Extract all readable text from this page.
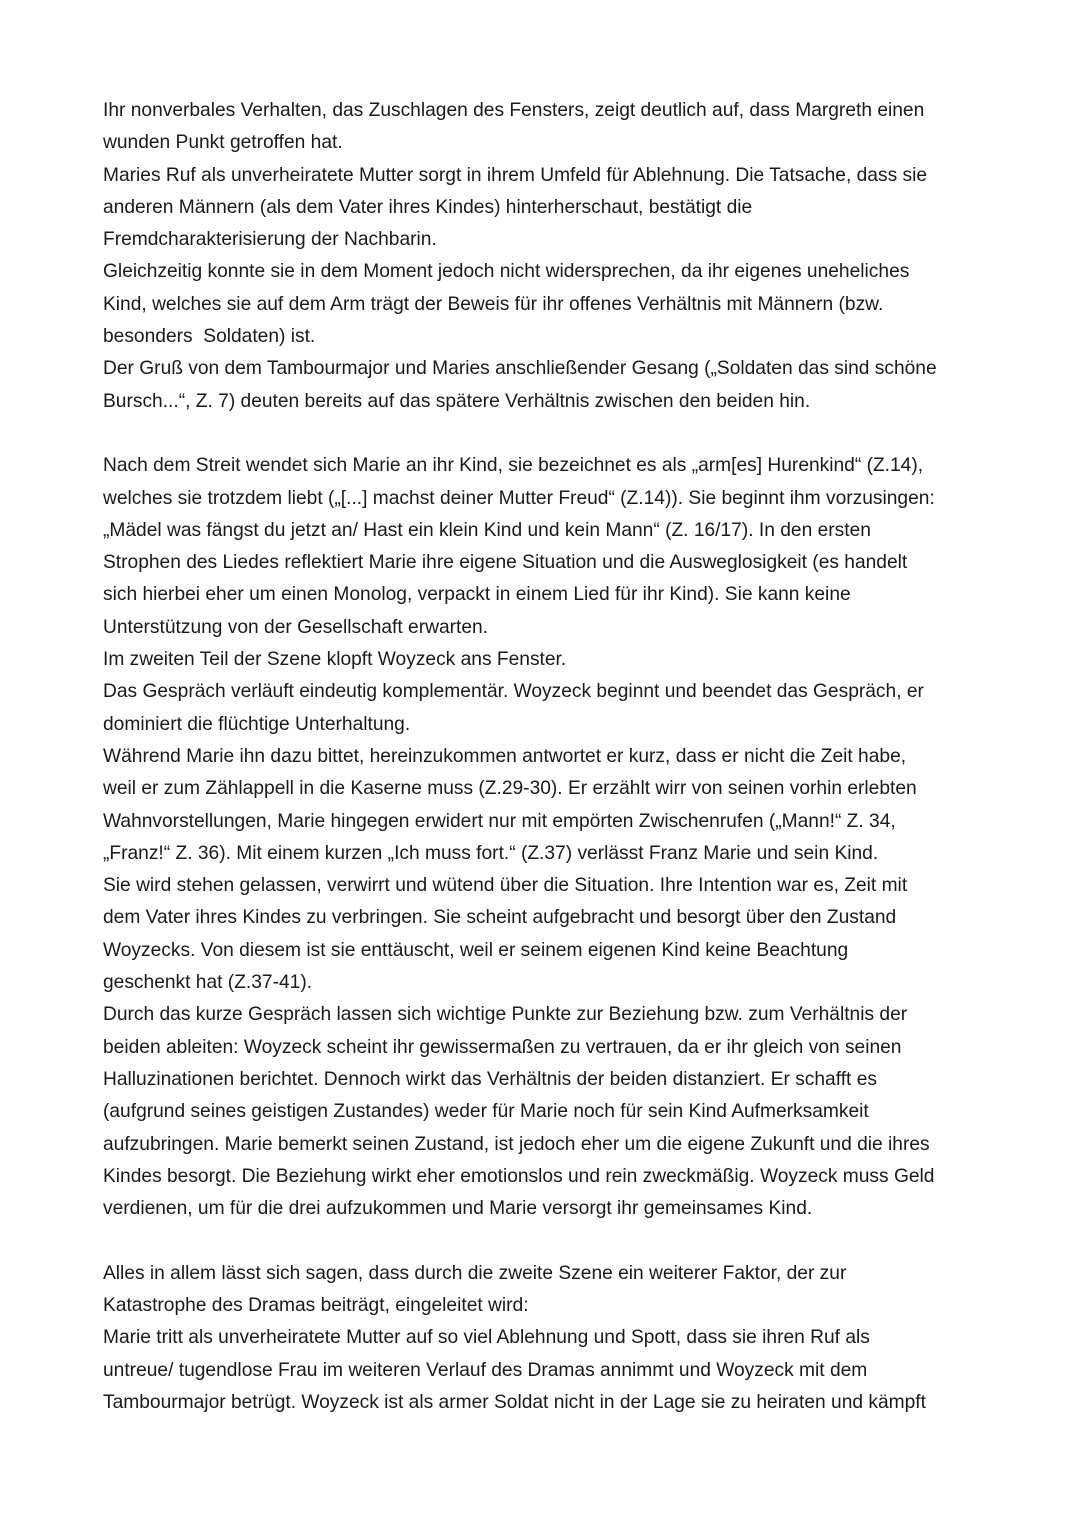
Ihr nonverbales Verhalten, das Zuschlagen des Fensters, zeigt deutlich auf, dass Margreth einen
wunden Punkt getroffen hat.
Maries Ruf als unverheiratete Mutter sorgt in ihrem Umfeld für Ablehnung. Die Tatsache, dass sie
anderen Männern (als dem Vater ihres Kindes) hinterherschaut, bestätigt die
Fremdcharakterisierung der Nachbarin.
Gleichzeitig konnte sie in dem Moment jedoch nicht widersprechen, da ihr eigenes uneheliches
Kind, welches sie auf dem Arm trägt der Beweis für ihr offenes Verhältnis mit Männern (bzw.
besonders  Soldaten) ist.
Der Gruß von dem Tambourmajor und Maries anschließender Gesang („Soldaten das sind schöne
Bursch...“, Z. 7) deuten bereits auf das spätere Verhältnis zwischen den beiden hin.
Nach dem Streit wendet sich Marie an ihr Kind, sie bezeichnet es als „arm[es] Hurenkind“ (Z.14),
welches sie trotzdem liebt („[...] machst deiner Mutter Freud“ (Z.14)). Sie beginnt ihm vorzusingen:
„Mädel was fängst du jetzt an/ Hast ein klein Kind und kein Mann“ (Z. 16/17). In den ersten
Strophen des Liedes reflektiert Marie ihre eigene Situation und die Ausweglosigkeit (es handelt
sich hierbei eher um einen Monolog, verpackt in einem Lied für ihr Kind). Sie kann keine
Unterstützung von der Gesellschaft erwarten.
Im zweiten Teil der Szene klopft Woyzeck ans Fenster.
Das Gespräch verläuft eindeutig komplementär. Woyzeck beginnt und beendet das Gespräch, er
dominiert die flüchtige Unterhaltung.
Während Marie ihn dazu bittet, hereinzukommen antwortet er kurz, dass er nicht die Zeit habe,
weil er zum Zählappell in die Kaserne muss (Z.29-30). Er erzählt wirr von seinen vorhin erlebten
Wahnvorstellungen, Marie hingegen erwidert nur mit empörten Zwischenrufen („Mann!“ Z. 34,
„Franz!“ Z. 36). Mit einem kurzen „Ich muss fort.“ (Z.37) verlässt Franz Marie und sein Kind.
Sie wird stehen gelassen, verwirrt und wütend über die Situation. Ihre Intention war es, Zeit mit
dem Vater ihres Kindes zu verbringen. Sie scheint aufgebracht und besorgt über den Zustand
Woyzecks. Von diesem ist sie enttäuscht, weil er seinem eigenen Kind keine Beachtung
geschenkt hat (Z.37-41).
Durch das kurze Gespräch lassen sich wichtige Punkte zur Beziehung bzw. zum Verhältnis der
beiden ableiten: Woyzeck scheint ihr gewissermaßen zu vertrauen, da er ihr gleich von seinen
Halluzinationen berichtet. Dennoch wirkt das Verhältnis der beiden distanziert. Er schafft es
(aufgrund seines geistigen Zustandes) weder für Marie noch für sein Kind Aufmerksamkeit
aufzubringen. Marie bemerkt seinen Zustand, ist jedoch eher um die eigene Zukunft und die ihres
Kindes besorgt. Die Beziehung wirkt eher emotionslos und rein zweckmäßig. Woyzeck muss Geld
verdienen, um für die drei aufzukommen und Marie versorgt ihr gemeinsames Kind.
Alles in allem lässt sich sagen, dass durch die zweite Szene ein weiterer Faktor, der zur
Katastrophe des Dramas beiträgt, eingeleitet wird:
Marie tritt als unverheiratete Mutter auf so viel Ablehnung und Spott, dass sie ihren Ruf als
untreue/ tugendlose Frau im weiteren Verlauf des Dramas annimmt und Woyzeck mit dem
Tambourmajor betrügt. Woyzeck ist als armer Soldat nicht in der Lage sie zu heiraten und kämpft
